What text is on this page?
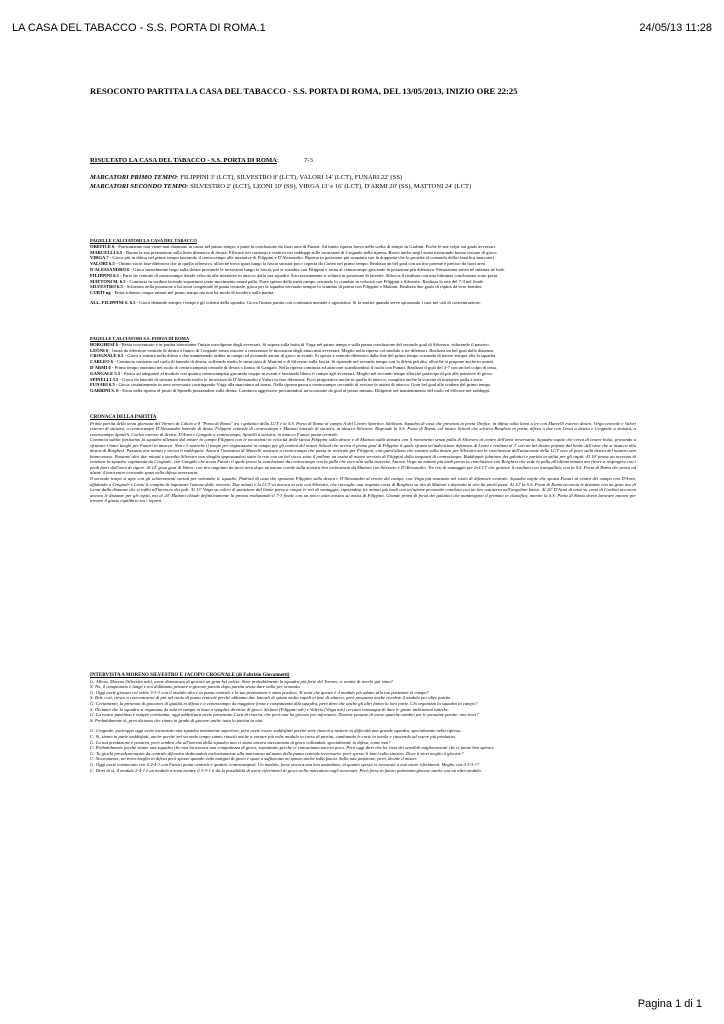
LA CASA DEL TABACCO - S.S. PORTA DI ROMA.1	24/05/13 11:28
RESOCONTO PARTITA LA CASA DEL TABACCO - S.S. PORTA DI ROMA, DEL 13/05/2013, INIZIO ORE 22:25
RISULTATO LA CASA DEL TABACCO - S.S. PORTA DI ROMA:	7-3
MARCATORI PRIMO TEMPO: FILIPPINI 3' (LCT), SILVESTRO 8' (LCT), VALORI 14' (LCT), FUNARI 22' (SS)
MARCATORI SECONDO TEMPO: SILVESTRO 2' (LCT), LEONI 10' (SS), VIRGA 13' e 16' (LCT), D'ARMI 20' (SS), MATTONI 24' (LCT)
PAGELLE CALCIATORI LA CASA DEL TABACCO

OREFICE 6 - Praticamente non viene mai chiamato in causa nel primo tempo, a parte la conclusione da fuori area di Funari. Ad inizio ripresa bravo nella scelta di tempo su Garbini. Poche le sue colpe sui goals avversari.

MARCELLI 6.5 - Buona la sua prestazione sulla linea difensiva di destra. Efficace nei contrasti e reattivo nei raddoppi sulle incursioni di Crognale nella ripresa. Bravo anche negli assist mostrando buona visione di gioco.

VIRGA 7 - Gioca più in difesa nel primo tempo lasciando il centrocampo alle iniziative di Filippini e D'Alessandro. Ripresa in posizione più avanzata con la doppietta che lo proietta al comando della classifica marcatori.

VALORI 6.5 - Ottimo sia in fase difensiva che in quella offensiva, allorché trova spazi lungo la fascia sinistra poco coperta da Carleo nel primo tempo. Realizza un bel goal con un tiro potente e preciso da fuori area.

D'ALESSANDRO 6 - Gioca inizialmente largo sulla destra provando le incursioni lungo la fascia, poi si scambia con Filippini e torna al centrocampo giocando in posizione più difensiva. Prestazione senza né infamia né lode.

FILIPPINI 6.5 - Parte da centrale di centrocampo dando velocità alle iniziative in attacco della sua squadra. Successivamente si schiera in posizione di laterale. Sblocca il risultato con una fulminea conclusione sotto porta.

MATTONI M. 6.5 - Comincia in sordina facendo soprattutto tanto movimento senza palla. Parte spesso dalla metà campo cercando lo scambio in velocità con Filippini e Silvestro. Realizza la rete del 7-3 nel finale.

SILVESTRO 6.5 - Schierato nella posizione a lui assai congeniale di punta centrale, gioca per la squadra cercando sempre lo scambio di prima con Filippini e Mattoni. Realizza due goals di rapina da vero bomber.

CURTI ng - Entra soltanto cinque minuti nel primo tempo ma non ha modo di incidere sulla partita.

ALL. FILIPPINI S. 6.5 - Gioca dettando sempre i tempi e gli schemi della squadra. Gioca l'intera partita con continuità mentale e agonistica. Si fa sentire quando serve spronando i suoi nei cali di concentrazione.

PAGELLE CALCIATORI S.S. PORTA DI ROMA

BORGHESI 6 - Resta concentrato e in partita nonostante l'inizio travolgente degli avversari. Si supera sulla botta di Virga nel primo tempo e sulla prima conclusione del secondo goal di Silvestro, riducendo il passivo.

LEONI 6 - Inizia da difensore centrale di destra a fianco di Crognale senza riuscire a contrastare le incursioni degli attaccanti avversari. Meglio nella ripresa col modulo a tre difensori. Realizza un bel goal dalla distanza.

CROGNALE 6.5 - Gioca a sinistra nella difesa a due mantenendo ordine in campo ed avviando azioni di gioco in avanti. Si sposta a centrale difensivo dalla fine del primo tempo cercando di tenere sempre alta la squadra.

CARLEO 6 - Comincia contratto nel ruolo di laterale di destra, soffrendo molto le incursioni di Mattoni e di Silvestro sulla fascia. Si riprende nel secondo tempo con la difesa più alta, allorché si propone anche in avanti.

D'ARMI 6 - Primo tempo anonimo nel ruolo di centrocampista centrale di destra a fianco di Gangale. Nella ripresa comincia ad attaccare scambiandosi il ruolo con Funari. Realizza il goal del 3-7 con un bel colpo di testa.

GANGALE 5.5 - Fatica ad adeguarsi al modulo con quattro centrocampisti giocando troppo in avanti e lasciando libero il campo agli avversari. Meglio nel secondo tempo allorché partecipa di più alle manovre di gioco.

SPINELLI 5.5 - Gioca da laterale di sinistra soffrendo molto le incursioni di D'Alessandro e Valori in fase difensiva. Poco propositivo anche in quella di attacco, complice anche la scarsità di iniziative palla a terra.

FUNARI 6.5 - Gioca costantemente in area avversaria costringendo Virga alla marcatura ad uomo. Nella ripresa passa a centrocampo cercando di avviare le azioni di attacco. Gran bel goal alle scadere del primo tempo.

GARBINI S. 6 - Entra nella ripresa al posto di Spinelli piazzandosi sulla destra. Comincia aggressivo procurandosi un'occasione da goal al primo minuto. Diligente nel mantenimento del ruolo ed efficace nei raddoppi.

CRONACA DELLA PARTITA

Prima partita della terza giornata del Torneo di Calcio a 8 "Porta di Roma" tra i galattici della LCT e la S.S. Porta di Roma al campo A del Centro Sportivo Jubileum. Squadra di casa che presenta in porta Orefice, in difesa sulla linea a tre con Marcelli esterno destro, Virga centrale e Valori esterno di sinistra, a centrocampo D'Alessandro laterale di desta, Filippini centrale di centrocampo e Mattoni laterale di sinistra, in attacco Silvestro. Risponde la S.S. Porta di Roma, col mister Scheid che schiera Borghesi in porta, difesa a due con Leoni a destra e Crognale a sinistra, a centrocampo Spinelli, Carleo esterno di destra, D'Armi e Gangale a centrocampo, Spinelli a sinistra, in attacco Funari punta centrale.

Comincia subito fortissimo la squadra allenata dal mister in campo Filippini con le incursioni in velocità delle stesso Filippini sulla destra e di Mattoni sulla sinistra con il movimento senza palla di Silvestro al centro dell'area avversaria. Squadra ospite che cerca di tenere botta, provando a sfruttare i lanci lunghi per Funari in attacco. Non c'è neanche il tempo per organizzarsi in campo per gli uomini del mister Scheid che arriva il primo goal di Filippini il quale sfrutta un'indecisione difensiva di Leoni e realizza al 3' con un bel destro potente dal limite dell'area che si insacca alla destra di Borghesi. Passano due minuti e arriva il raddoppio: Ancora l'iniziativa di Marcelli assicura a centrocampo che passa in verticale per Filippini, con quest'ultimo che sinistra sulla destra per Silvestro ma la conclusione dell'attaccante della LCT esce di poco sulla destra del numero uno biancorosso. Passano altri due minuti e stavolta Silvestro non sbaglia appostandosi sotto la rete con un bel tocco sotto il pallone un assist di nuovo servizio di Filippini dalla trequarti di centrocampo. Raddoppio fulmineo dei galattici e partita in salita per gli ospiti. Al 10' prova un accenno di reazione la squadra capitanata da Crognale, con Gangale che avvia Funari il quale prova la conclusione da centrocampo con la palla che esce alta sulla traversa. Ancora Virga un minuto più tardi prova la conclusione con Borghesi che vede la palla all'ultimo minuto ma riesce a respingere con i piedi fuori dall'area di rigore. Al 14' gran goal di Valori, con tiro angolato da fuori area dopo un'azione corale sulla sinistra ben orchestrata da Mattoni con Silvestro e D'Alessandro. Tre reti di vantaggio per la LCT che gestisce il risultato con tranquillità, con la S.S. Porta di Roma che prova ad alzare il baricentro cercando spazi nella difesa avversaria.

Il secondo tempo si apre con gli schieramenti variati per entrambe le squadre. Padroni di casa che spostano Filippini sulla destra e D'Alessandro al centro del campo, con Virga più avanzato nel ruolo di difensore centrale. Squadra ospite che sposta Funari al centro del campo con D'Armi, affidando a Crognale e Leoni il compito di impostare l'azione dalle retrovie. Due minuti e la LCT va ancora in rete con Silvestro, che raccoglie una respinta corta di Borghesi su tiro di Mattoni e deposita in rete da pochi passi. Al 10' la S.S. Porta di Roma accorcia le distanze con un gran tiro di Leoni dalla distanza che si infila all'incrocio dei pali. Al 13' Virga su calcio di punizione dal limite porta a cinque le reti di vantaggio, ripetendosi tre minuti più tardi con un'azione personale conclusa con un tiro rasoterra nell'angolino basso. Al 20' D'Armi di testa su cross di Garbini accorcia ancora le distanze per gli ospiti, ma al 24' Mattoni chiude definitivamente la partita realizzando il 7-3 finale con un tocco sotto misura su assist di Filippini. Grande prova di forza dei galattici che mantengono il primato in classifica, mentre la S.S. Porta di Roma dovrà lavorare ancora per trovare il giusto equilibrio tra i reparti.

INTERVISTA A MORENO SILVESTRO E JACOPO CROGNALE (di Fabrizio Giovannetti)

G: Allora, Moreno (Silvestro ndr), avete dimostrato di giocare un gran bel calcio. Siete probabilmente la squadra più forte del Torneo, vi sentite di averlo già vinto?

S: No, il campionato è lungo e noi dobbiamo pensare a giocare partita dopo partita senza dare nulla per scontato.

G: Oggi avete giocato col solito 3-3-1 con il modulo alto e tu punta centrale e la tua prestazione è stata positiva. Ti senti che questo è il modulo più adatto alla tua posizione in campo?

S: Beh, così, riesco a concentrarmi di più nel ruolo di punta centrale perché abbiamo due laterali di spinta molto rapidi in fase di attacco, però possiamo anche rivedere il modulo per altre partite.

G: Certamente, la presenza di giocatori di qualità in difesa e a centrocampo da maggiore forza e compattezza alla squadra, però direi che anche gli altri fanno la loro parte. Chi organizza la squadra in campo?

S: Diciamo che la squadra si organizza da sola in campo in base a semplici direttive di gioco. Stefano (Filippini ndr) e Valerio (Virga ndr) cercano comunque di dare le giuste indicazioni tattiche.

G: La vostra panchina è sempre cortissima, oggi addirittura avete presentato Curti di riserva, che però non ha giocato per infortunio. Dovrete pensare di avere qualche cambio per le prossime partite, non trovi?

S: Probabilmente sì, però diciamo che siamo in grado di giocare anche tutta la partita in otto.

G: Crognale, purtroppo oggi avete incontrato una squadra nettamente superiore, però avete essere soddisfatti perché siete riusciti a mettere in difficoltà una grande squadra, specialmente nella ripresa.

C: Sì, siamo in parte soddisfatti, anche perché nel secondo tempo siamo riusciti anche a variare più volte modulo in corso di partita, cambiando le carte in tavola e riuscendo ad essere più produttivi.

G: La tua prestazione è positiva, però sembra che all'interno della squadra non ci siano ancora meccanismi di gioco collaudati, specialmente in difesa, come mai?

C: Probabilmente perché siamo una squadra che non ha ancora una compattezza di gioco, soprattutto perché ci conosciamo ancora poco. Però oggi direi che ho visto dei sensibili miglioramenti che ci fanno ben sperare.

G: Tu giochi prevalentemente da centrale difensivo dedicandoti esclusivamente alla marcatura ad uomo della punta centrale avversaria, però spesso li lanci sulla sinistra. Dove ti trovi meglio a giocare?

C: Sicuramente, mi trovo meglio in difesa però spesso quando vedo margini di gioco e spazi a sufficienza mi sposto anche sulla fascia. Sulla mia posizione, però, decide il mister.

G: Oggi avete cominciato con il 2-4-1 con Funari punta centrale e quattro centrocampisti. Un modulo, forse ancora non ben assimilato, in quanto spesso vi trovavate a non avere riferimenti. Meglio con il 3-3-1?

C: Direi di sì, il modulo 2-4-1 è un modulo a zona mentre il 3-3-1 ti da la possibilità di avere riferimenti di gioco nella marcatura sugli avversari. Però forse in futuro potremmo giocare anche con un altro modulo.

Pagina 1 di 1
